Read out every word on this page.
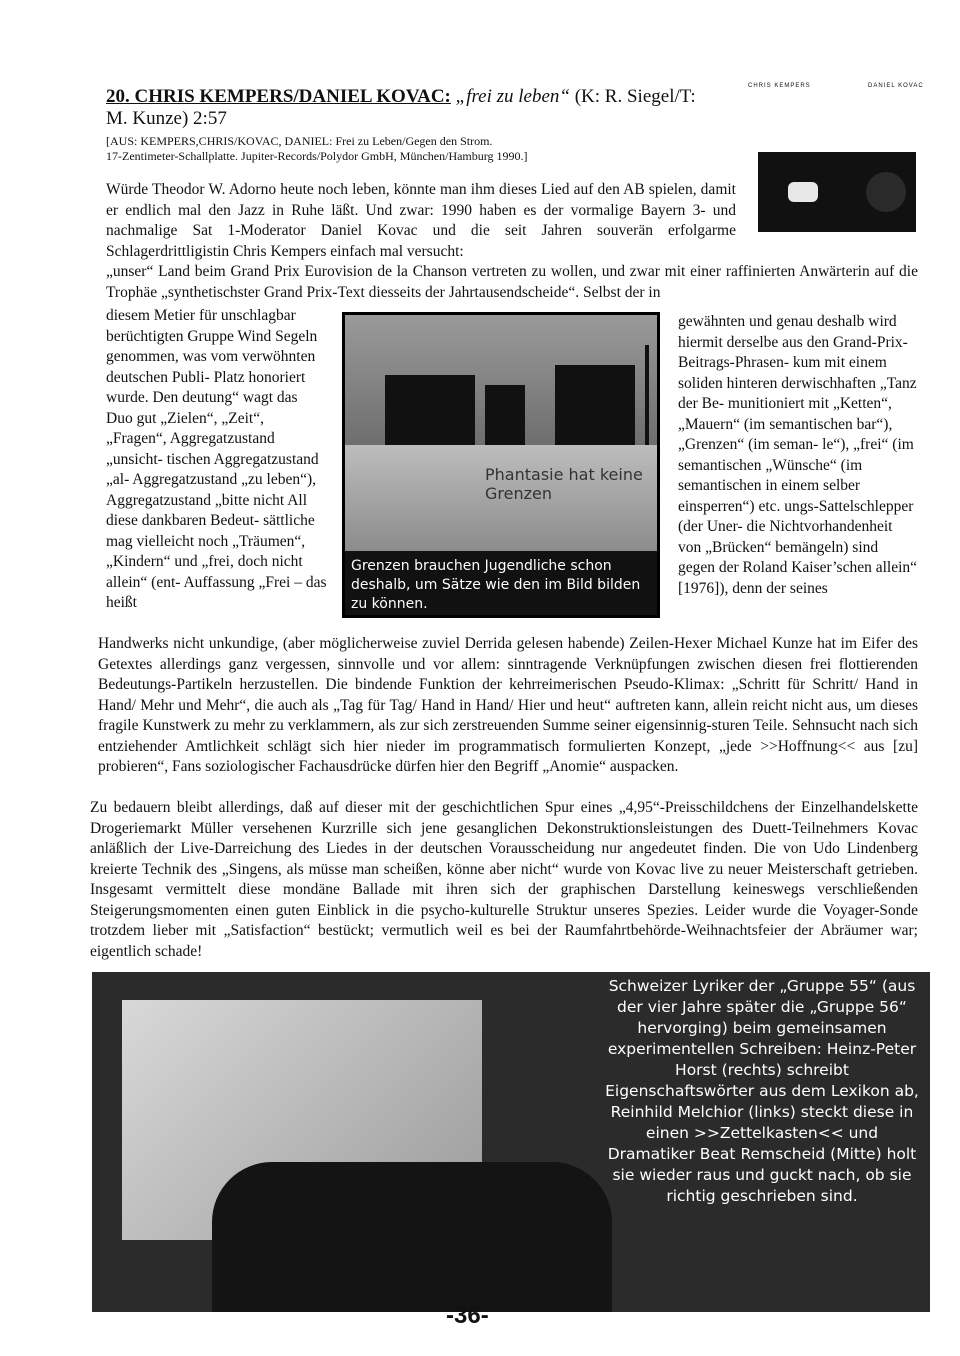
20. CHRIS KEMPERS/DANIEL KOVAC: „frei zu leben“ (K: R. Siegel/T:
M. Kunze) 2:57
[AUS: KEMPERS,CHRIS/KOVAC, DANIEL: Frei zu Leben/Gegen den Strom.
17-Zentimeter-Schallplatte. Jupiter-Records/Polydor GmbH, München/Hamburg 1990.]
CHRIS KEMPERS	DANIEL KOVAC
Würde Theodor W. Adorno heute noch leben, könnte man ihm dieses Lied auf den AB spielen, damit er endlich mal den Jazz in Ruhe läßt. Und zwar: 1990 haben es der vormalige Bayern 3- und nachmalige Sat 1-Moderator Daniel Kovac und die seit Jahren souverän erfolgarme Schlagerdrittligistin Chris Kempers einfach mal versucht:
„unser“ Land beim Grand Prix Eurovision de la Chanson vertreten zu wollen, und zwar mit einer raffinierten Anwärterin auf die Trophäe „synthetischster Grand Prix-Text diesseits der Jahrtausendscheide“. Selbst der in
diesem Metier für unschlagbar berüchtigten Gruppe Wind Segeln genommen, was vom verwöhnten deutschen Publi- Platz honoriert wurde. Den deutung“ wagt das Duo gut „Zielen“, „Zeit“, „Fragen“, Aggregatzustand „unsicht- tischen Aggregatzustand „al- Aggregatzustand „zu leben“), Aggregatzustand „bitte nicht All diese dankbaren Bedeut- sättliche mag vielleicht noch „Träumen“, „Kindern“ und „frei, doch nicht allein“ (ent- Auffassung „Frei – das heißt
gewähnten und genau deshalb wird hiermit derselbe aus den Grand-Prix-Beitrags-Phrasen- kum mit einem soliden hinteren derwischhaften „Tanz der Be- munitioniert mit „Ketten“, „Mauern“ (im semantischen bar“), „Grenzen“ (im seman- le“), „frei“ (im semantischen „Wünsche“ (im semantischen in einem selber einsperren“) etc. ungs-Sattelschlepper (der Uner- die Nichtvorhandenheit von „Brücken“ bemängeln) sind gegen der Roland Kaiser’schen allein“ [1976]), denn der seines
Phantasie hat keine Grenzen
Grenzen brauchen Jugendliche schon deshalb, um Sätze wie den im Bild bilden zu können.
Handwerks nicht unkundige, (aber möglicherweise zuviel Derrida gelesen habende) Zeilen-Hexer Michael Kunze hat im Eifer des Getextes allerdings ganz vergessen, sinnvolle und vor allem: sinntragende Verknüpfungen zwischen diesen frei flottierenden Bedeutungs-Partikeln herzustellen. Die bindende Funktion der kehrreimerischen Pseudo-Klimax: „Schritt für Schritt/ Hand in Hand/ Mehr und Mehr“, die auch als „Tag für Tag/ Hand in Hand/ Hier und heut“ auftreten kann, allein reicht nicht aus, um dieses fragile Kunstwerk zu mehr zu verklammern, als zur sich zerstreuenden Summe seiner eigensinnig-sturen Teile. Sehnsucht nach sich entziehender Amtlichkeit schlägt sich hier nieder im programmatisch formulierten Konzept, „jede >>Hoffnung<< aus [zu] probieren“, Fans soziologischer Fachausdrücke dürfen hier den Begriff „Anomie“ auspacken.
Zu bedauern bleibt allerdings, daß auf dieser mit der geschichtlichen Spur eines „4,95“-Preisschildchens der Einzelhandelskette Drogeriemarkt Müller versehenen Kurzrille sich jene gesanglichen Dekonstruktionsleistungen des Duett-Teilnehmers Kovac anläßlich der Live-Darreichung des Liedes in der deutschen Vorausscheidung nur angedeutet finden. Die von Udo Lindenberg kreierte Technik des „Singens, als müsse man scheißen, könne aber nicht“ wurde von Kovac live zu neuer Meisterschaft getrieben. Insgesamt vermittelt diese mondäne Ballade mit ihren sich der graphischen Darstellung keineswegs verschließenden Steigerungsmomenten einen guten Einblick in die psycho-kulturelle Struktur unseres Spezies. Leider wurde die Voyager-Sonde trotzdem lieber mit „Satisfaction“ bestückt; vermutlich weil es bei der Raumfahrtbehörde-Weihnachtsfeier der Abräumer war; eigentlich schade!
Schweizer Lyriker der „Gruppe 55“ (aus der vier Jahre später die „Gruppe 56“ hervorging) beim gemeinsamen experimentellen Schreiben: Heinz-Peter Horst (rechts) schreibt Eigenschaftswörter aus dem Lexikon ab, Reinhild Melchior (links) steckt diese in einen >>Zettelkasten<< und Dramatiker Beat Remscheid (Mitte) holt sie wieder raus und guckt nach, ob sie richtig geschrieben sind.
-36-
